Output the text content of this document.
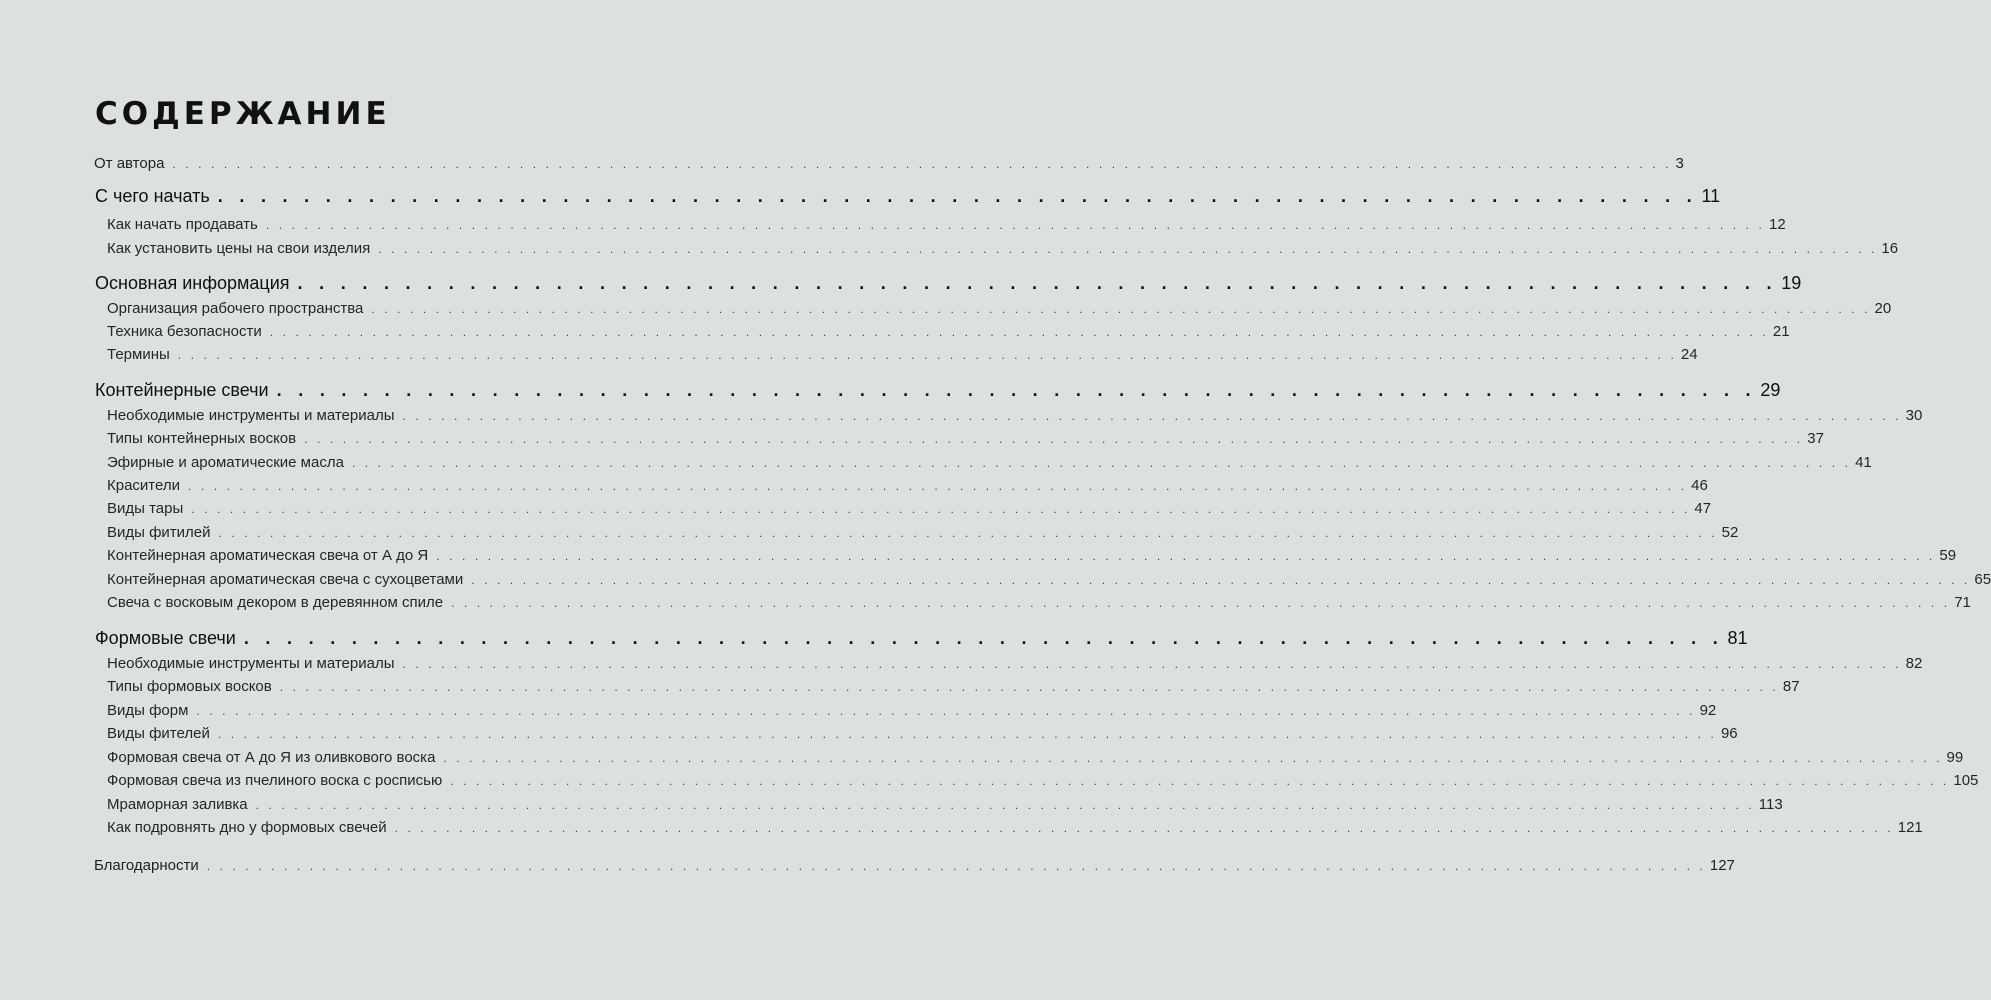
СОДЕРЖАНИЕ
От автора . . . . . . . . . . . . . . . . . . . . . . . . . . . . . . . . . . . . . . . . . . . . . . . . . . . . . . . . . . . . . . . . . . . . . . . . . . . . . . . . . . . . . . . . . . . . . . . . . . . . . . . . . . . . . . . . . . . . . 3
С чего начать . . . . . . . . . . . . . . . . . . . . . . . . . . . . . . . . . . . . . . . . . . . . . . . . . . . . . . . . . . . . . . . . . . . . . 11
Как начать продавать . . . . . . . . . . . . . . . . . . . . . . . . . . . . . . . . . . . . . . . . . . . . . . . . . . . . . . . . . . . . . . . . . . . . . . . . . . . . . . . . . . . . . . . . . . . . . . . . . . . . . . . . . . . . . . . . . . . . . 12
Как установить цены на свои изделия . . . . . . . . . . . . . . . . . . . . . . . . . . . . . . . . . . . . . . . . . . . . . . . . . . . . . . . . . . . . . . . . . . . . . . . . . . . . . . . . . . . . . . . . . . . . . . . . . . . . . . . . . . . . . . . . . . . . . 16
Основная информация . . . . . . . . . . . . . . . . . . . . . . . . . . . . . . . . . . . . . . . . . . . . . . . . . . . . . . . . . . . . . . . . . . . . . 19
Организация рабочего пространства . . . . . . . . . . . . . . . . . . . . . . . . . . . . . . . . . . . . . . . . . . . . . . . . . . . . . . . . . . . . . . . . . . . . . . . . . . . . . . . . . . . . . . . . . . . . . . . . . . . . . . . . . . . . . . . . . . . . . 20
Техника безопасности . . . . . . . . . . . . . . . . . . . . . . . . . . . . . . . . . . . . . . . . . . . . . . . . . . . . . . . . . . . . . . . . . . . . . . . . . . . . . . . . . . . . . . . . . . . . . . . . . . . . . . . . . . . . . . . . . . . . . 21
Термины . . . . . . . . . . . . . . . . . . . . . . . . . . . . . . . . . . . . . . . . . . . . . . . . . . . . . . . . . . . . . . . . . . . . . . . . . . . . . . . . . . . . . . . . . . . . . . . . . . . . . . . . . . . . . . . . . . . . . 24
Контейнерные свечи . . . . . . . . . . . . . . . . . . . . . . . . . . . . . . . . . . . . . . . . . . . . . . . . . . . . . . . . . . . . . . . . . . . . . 29
Необходимые инструменты и материалы . . . . . . . . . . . . . . . . . . . . . . . . . . . . . . . . . . . . . . . . . . . . . . . . . . . . . . . . . . . . . . . . . . . . . . . . . . . . . . . . . . . . . . . . . . . . . . . . . . . . . . . . . . . . . . . . . . . . . 30
Типы контейнерных восков . . . . . . . . . . . . . . . . . . . . . . . . . . . . . . . . . . . . . . . . . . . . . . . . . . . . . . . . . . . . . . . . . . . . . . . . . . . . . . . . . . . . . . . . . . . . . . . . . . . . . . . . . . . . . . . . . . . . . 37
Эфирные и ароматические масла . . . . . . . . . . . . . . . . . . . . . . . . . . . . . . . . . . . . . . . . . . . . . . . . . . . . . . . . . . . . . . . . . . . . . . . . . . . . . . . . . . . . . . . . . . . . . . . . . . . . . . . . . . . . . . . . . . . . . 41
Красители . . . . . . . . . . . . . . . . . . . . . . . . . . . . . . . . . . . . . . . . . . . . . . . . . . . . . . . . . . . . . . . . . . . . . . . . . . . . . . . . . . . . . . . . . . . . . . . . . . . . . . . . . . . . . . . . . . . . . 46
Виды тары . . . . . . . . . . . . . . . . . . . . . . . . . . . . . . . . . . . . . . . . . . . . . . . . . . . . . . . . . . . . . . . . . . . . . . . . . . . . . . . . . . . . . . . . . . . . . . . . . . . . . . . . . . . . . . . . . . . . . 47
Виды фитилей . . . . . . . . . . . . . . . . . . . . . . . . . . . . . . . . . . . . . . . . . . . . . . . . . . . . . . . . . . . . . . . . . . . . . . . . . . . . . . . . . . . . . . . . . . . . . . . . . . . . . . . . . . . . . . . . . . . . . 52
Контейнерная ароматическая свеча от А до Я . . . . . . . . . . . . . . . . . . . . . . . . . . . . . . . . . . . . . . . . . . . . . . . . . . . . . . . . . . . . . . . . . . . . . . . . . . . . . . . . . . . . . . . . . . . . . . . . . . . . . . . . . . . . . . . . . . . . . 59
Контейнерная ароматическая свеча с сухоцветами . . . . . . . . . . . . . . . . . . . . . . . . . . . . . . . . . . . . . . . . . . . . . . . . . . . . . . . . . . . . . . . . . . . . . . . . . . . . . . . . . . . . . . . . . . . . . . . . . . . . . . . . . . . . . . . . . . . . . 65
Свеча с восковым декором в деревянном спиле . . . . . . . . . . . . . . . . . . . . . . . . . . . . . . . . . . . . . . . . . . . . . . . . . . . . . . . . . . . . . . . . . . . . . . . . . . . . . . . . . . . . . . . . . . . . . . . . . . . . . . . . . . . . . . . . . . . . . 71
Формовые свечи . . . . . . . . . . . . . . . . . . . . . . . . . . . . . . . . . . . . . . . . . . . . . . . . . . . . . . . . . . . . . . . . . . . . . 81
Необходимые инструменты и материалы . . . . . . . . . . . . . . . . . . . . . . . . . . . . . . . . . . . . . . . . . . . . . . . . . . . . . . . . . . . . . . . . . . . . . . . . . . . . . . . . . . . . . . . . . . . . . . . . . . . . . . . . . . . . . . . . . . . . . 82
Типы формовых восков . . . . . . . . . . . . . . . . . . . . . . . . . . . . . . . . . . . . . . . . . . . . . . . . . . . . . . . . . . . . . . . . . . . . . . . . . . . . . . . . . . . . . . . . . . . . . . . . . . . . . . . . . . . . . . . . . . . . . 87
Виды форм . . . . . . . . . . . . . . . . . . . . . . . . . . . . . . . . . . . . . . . . . . . . . . . . . . . . . . . . . . . . . . . . . . . . . . . . . . . . . . . . . . . . . . . . . . . . . . . . . . . . . . . . . . . . . . . . . . . . . 92
Виды фителей . . . . . . . . . . . . . . . . . . . . . . . . . . . . . . . . . . . . . . . . . . . . . . . . . . . . . . . . . . . . . . . . . . . . . . . . . . . . . . . . . . . . . . . . . . . . . . . . . . . . . . . . . . . . . . . . . . . . . 96
Формовая свеча от А до Я из оливкового воска . . . . . . . . . . . . . . . . . . . . . . . . . . . . . . . . . . . . . . . . . . . . . . . . . . . . . . . . . . . . . . . . . . . . . . . . . . . . . . . . . . . . . . . . . . . . . . . . . . . . . . . . . . . . . . . . . . . . . 99
Формовая свеча из пчелиного воска с росписью . . . . . . . . . . . . . . . . . . . . . . . . . . . . . . . . . . . . . . . . . . . . . . . . . . . . . . . . . . . . . . . . . . . . . . . . . . . . . . . . . . . . . . . . . . . . . . . . . . . . . . . . . . . . . . . . . . . . . 105
Мраморная заливка . . . . . . . . . . . . . . . . . . . . . . . . . . . . . . . . . . . . . . . . . . . . . . . . . . . . . . . . . . . . . . . . . . . . . . . . . . . . . . . . . . . . . . . . . . . . . . . . . . . . . . . . . . . . . . . . . . . . . 113
Как подровнять дно у формовых свечей . . . . . . . . . . . . . . . . . . . . . . . . . . . . . . . . . . . . . . . . . . . . . . . . . . . . . . . . . . . . . . . . . . . . . . . . . . . . . . . . . . . . . . . . . . . . . . . . . . . . . . . . . . . . . . . . . . . . . 121
Благодарности . . . . . . . . . . . . . . . . . . . . . . . . . . . . . . . . . . . . . . . . . . . . . . . . . . . . . . . . . . . . . . . . . . . . . . . . . . . . . . . . . . . . . . . . . . . . . . . . . . . . . . . . . . . . . . . . . . . . . 127
